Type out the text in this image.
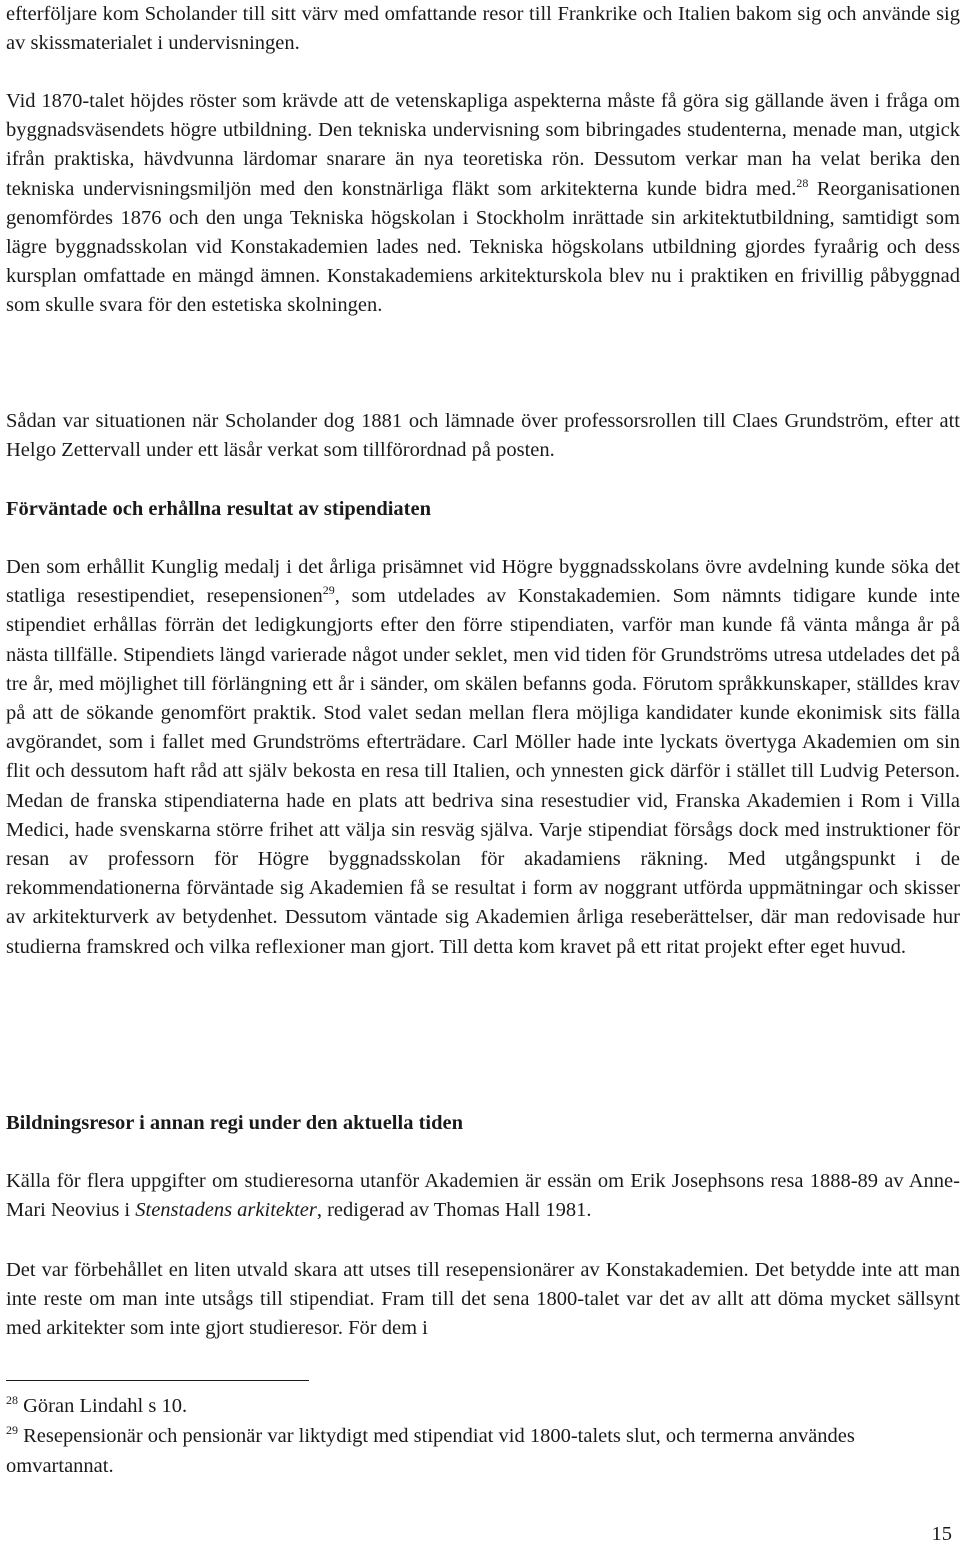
efterföljare kom Scholander till sitt värv med omfattande resor till Frankrike och Italien bakom sig och använde sig av skissmaterialet i undervisningen.

Vid 1870-talet höjdes röster som krävde att de vetenskapliga aspekterna måste få göra sig gällande även i fråga om byggnadsväsendets högre utbildning. Den tekniska undervisning som bibringades studenterna, menade man, utgick ifrån praktiska, hävdvunna lärdomar snarare än nya teoretiska rön. Dessutom verkar man ha velat berika den tekniska undervisningsmiljön med den konstnärliga fläkt som arkitekterna kunde bidra med.$^{28}$ Reorganisationen genomfördes 1876 och den unga Tekniska högskolan i Stockholm inrättade sin arkitektutbildning, samtidigt som lägre byggnadsskolan vid Konstakademien lades ned. Tekniska högskolans utbildning gjordes fyraårig och dess kursplan omfattade en mängd ämnen. Konstakademiens arkitekturskola blev nu i praktiken en frivillig påbyggnad som skulle svara för den estetiska skolningen.

Sådan var situationen när Scholander dog 1881 och lämnade över professorsrollen till Claes Grundström, efter att Helgo Zettervall under ett läsår verkat som tillförordnad på posten.

Förväntade och erhållna resultat av stipendiaten

Den som erhållit Kunglig medalj i det årliga prisämnet vid Högre byggnadsskolans övre avdelning kunde söka det statliga resestipendiet, resepensionen$^{29}$, som utdelades av Konstakademien. Som nämnts tidigare kunde inte stipendiet erhållas förrän det ledigkungjorts efter den förre stipendiaten, varför man kunde få vänta många år på nästa tillfälle. Stipendiets längd varierade något under seklet, men vid tiden för Grundströms utresa utdelades det på tre år, med möjlighet till förlängning ett år i sänder, om skälen befanns goda. Förutom språkkunskaper, ställdes krav på att de sökande genomfört praktik. Stod valet sedan mellan flera möjliga kandidater kunde ekonimisk sits fälla avgörandet, som i fallet med Grundströms efterträdare. Carl Möller hade inte lyckats övertyga Akademien om sin flit och dessutom haft råd att själv bekosta en resa till Italien, och ynnesten gick därför i stället till Ludvig Peterson. Medan de franska stipendiaterna hade en plats att bedriva sina resestudier vid, Franska Akademien i Rom i Villa Medici, hade svenskarna större frihet att välja sin resväg själva. Varje stipendiat försågs dock med instruktioner för resan av professorn för Högre byggnadsskolan för akadamiens räkning. Med utgångspunkt i de rekommendationerna förväntade sig Akademien få se resultat i form av noggrant utförda uppmätningar och skisser av arkitekturverk av betydenhet. Dessutom väntade sig Akademien årliga reseberättelser, där man redovisade hur studierna framskred och vilka reflexioner man gjort. Till detta kom kravet på ett ritat projekt efter eget huvud.

Bildningsresor i annan regi under den aktuella tiden

Källa för flera uppgifter om studieresorna utanför Akademien är essän om Erik Josephsons resa 1888-89 av Anne-Mari Neovius i Stenstadens arkitekter, redigerad av Thomas Hall 1981.

Det var förbehållet en liten utvald skara att utses till resepensionärer av Konstakademien. Det betydde inte att man inte reste om man inte utsågs till stipendiat. Fram till det sena 1800-talet var det av allt att döma mycket sällsynt med arkitekter som inte gjort studieresor. För dem i

$^{28}$ Göran Lindahl s 10.

$^{29}$ Resepensionär och pensionär var liktydigt med stipendiat vid 1800-talets slut, och termerna användes omvartannat.

15
